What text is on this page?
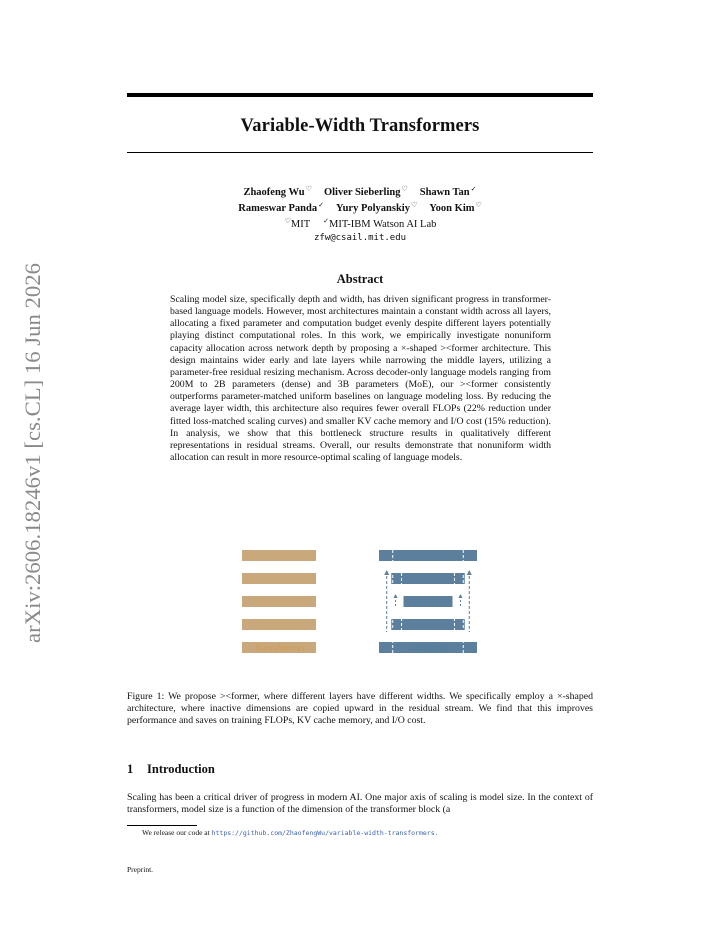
arXiv:2606.18246v1 [cs.CL] 16 Jun 2026
Variable-Width Transformers
Zhaofeng Wu♡ Oliver Sieberling♡ Shawn Tan✓
Rameswar Panda✓ Yury Polyanskiy♡ Yoon Kim♡
♡MIT ✓MIT-IBM Watson AI Lab
zfw@csail.mit.edu
Abstract
Scaling model size, specifically depth and width, has driven significant progress in transformer-based language models. However, most architectures maintain a constant width across all layers, allocating a fixed parameter and computation budget evenly despite different layers potentially playing distinct computational roles. In this work, we empirically investigate nonuniform capacity allocation across network depth by proposing a ×-shaped ><former architecture. This design maintains wider early and late layers while narrowing the middle layers, utilizing a parameter-free residual resizing mechanism. Across decoder-only language models ranging from 200M to 2B parameters (dense) and 3B parameters (MoE), our ><former consistently outperforms parameter-matched uniform baselines on language modeling loss. By reducing the average layer width, this architecture also requires fewer overall FLOPs (22% reduction under fitted loss-matched scaling curves) and smaller KV cache memory and I/O cost (15% reduction). In analysis, we show that this bottleneck structure results in qualitatively different representations in residual streams. Overall, our results demonstrate that nonuniform width allocation can result in more resource-optimal scaling of language models.
Transformer	><former
Figure 1: We propose ><former, where different layers have different widths. We specifically employ a ×-shaped architecture, where inactive dimensions are copied upward in the residual stream. We find that this improves performance and saves on training FLOPs, KV cache memory, and I/O cost.
1 Introduction
Scaling has been a critical driver of progress in modern AI. One major axis of scaling is model size. In the context of transformers, model size is a function of the dimension of the transformer block (a
We release our code at https://github.com/ZhaofengWu/variable-width-transformers.
Preprint.
